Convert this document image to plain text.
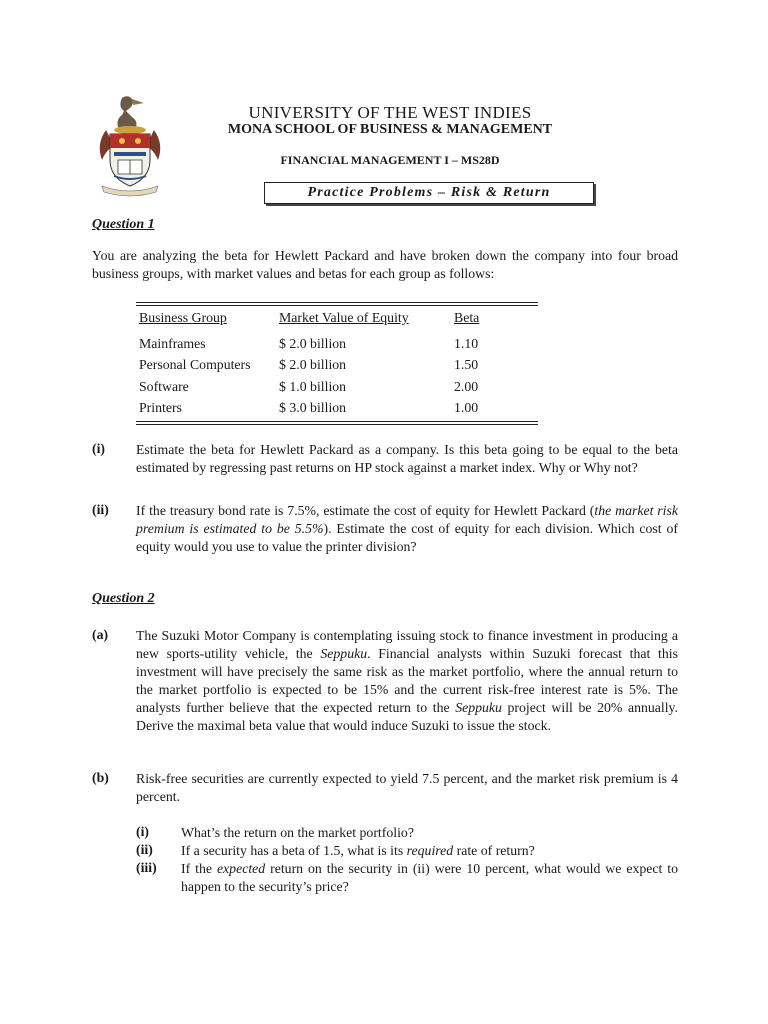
UNIVERSITY OF THE WEST INDIES
MONA SCHOOL OF BUSINESS & MANAGEMENT
FINANCIAL MANAGEMENT I – MS28D
Practice Problems – Risk & Return
Question 1
You are analyzing the beta for Hewlett Packard and have broken down the company into four broad business groups, with market values and betas for each group as follows:
Business Group	Market Value of Equity	Beta
Mainframes	$ 2.0 billion	1.10
Personal Computers $ 2.0 billion	1.50
Software	$ 1.0 billion	2.00
Printers	$ 3.0 billion	1.00
(i) Estimate the beta for Hewlett Packard as a company. Is this beta going to be equal to the beta estimated by regressing past returns on HP stock against a market index. Why or Why not?
(ii) If the treasury bond rate is 7.5%, estimate the cost of equity for Hewlett Packard (the market risk premium is estimated to be 5.5%). Estimate the cost of equity for each division. Which cost of equity would you use to value the printer division?
Question 2
(a) The Suzuki Motor Company is contemplating issuing stock to finance investment in producing a new sports-utility vehicle, the Seppuku. Financial analysts within Suzuki forecast that this investment will have precisely the same risk as the market portfolio, where the annual return to the market portfolio is expected to be 15% and the current risk-free interest rate is 5%. The analysts further believe that the expected return to the Seppuku project will be 20% annually. Derive the maximal beta value that would induce Suzuki to issue the stock.
(b) Risk-free securities are currently expected to yield 7.5 percent, and the market risk premium is 4 percent.
(i) What’s the return on the market portfolio?
(ii) If a security has a beta of 1.5, what is its required rate of return?
(iii) If the expected return on the security in (ii) were 10 percent, what would we expect to happen to the security’s price?
